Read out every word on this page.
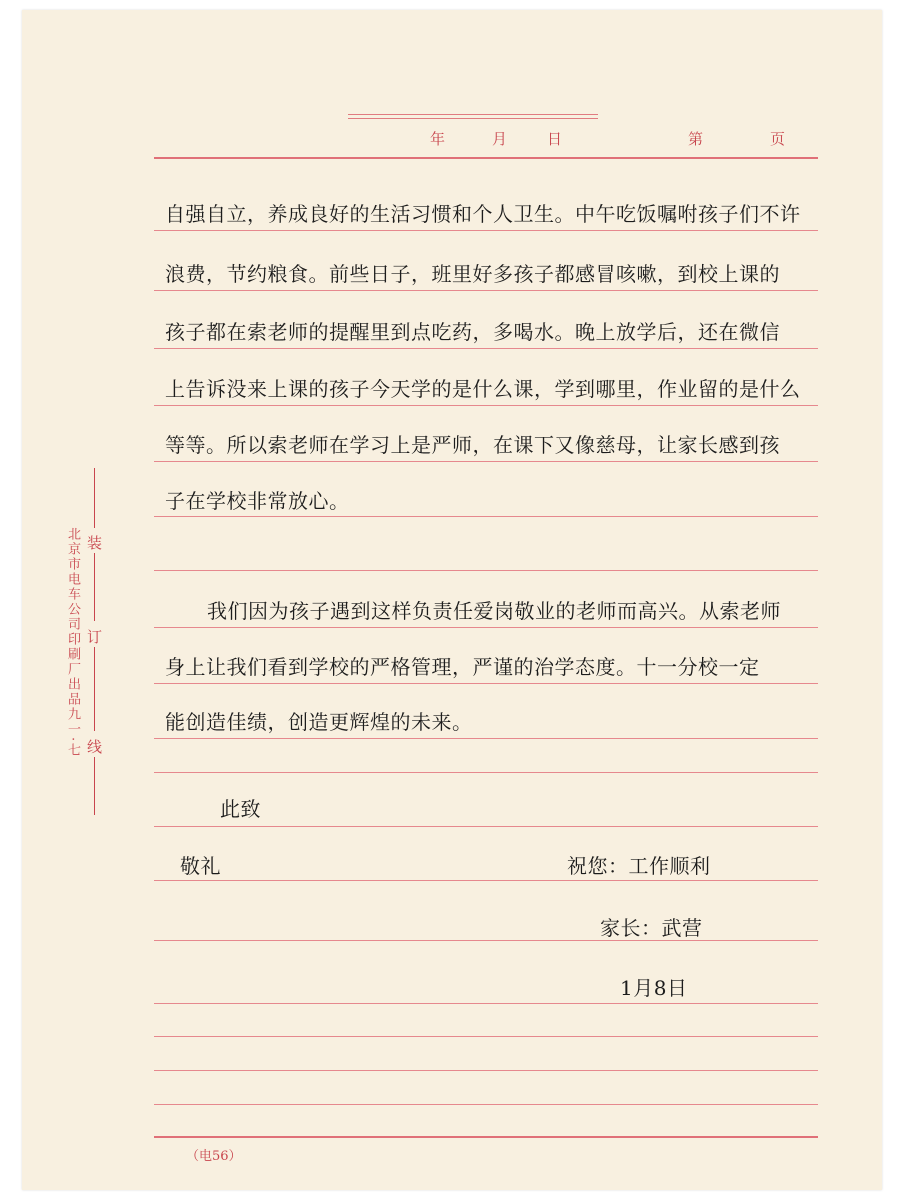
年	月	日	第	页
自强自立，养成良好的生活习惯和个人卫生。中午吃饭嘱咐孩子们不许
浪费，节约粮食。前些日子，班里好多孩子都感冒咳嗽，到校上课的
孩子都在索老师的提醒里到点吃药，多喝水。晚上放学后，还在微信
上告诉没来上课的孩子今天学的是什么课，学到哪里，作业留的是什么
等等。所以索老师在学习上是严师，在课下又像慈母，让家长感到孩
子在学校非常放心。
我们因为孩子遇到这样负责任爱岗敬业的老师而高兴。从索老师
身上让我们看到学校的严格管理，严谨的治学态度。十一分校一定
能创造佳绩，创造更辉煌的未来。
此致
敬礼	祝您：工作顺利
家长：武营
1月8日
装
订
线
北京市电车公司印刷厂出品九一·七
（电56）
